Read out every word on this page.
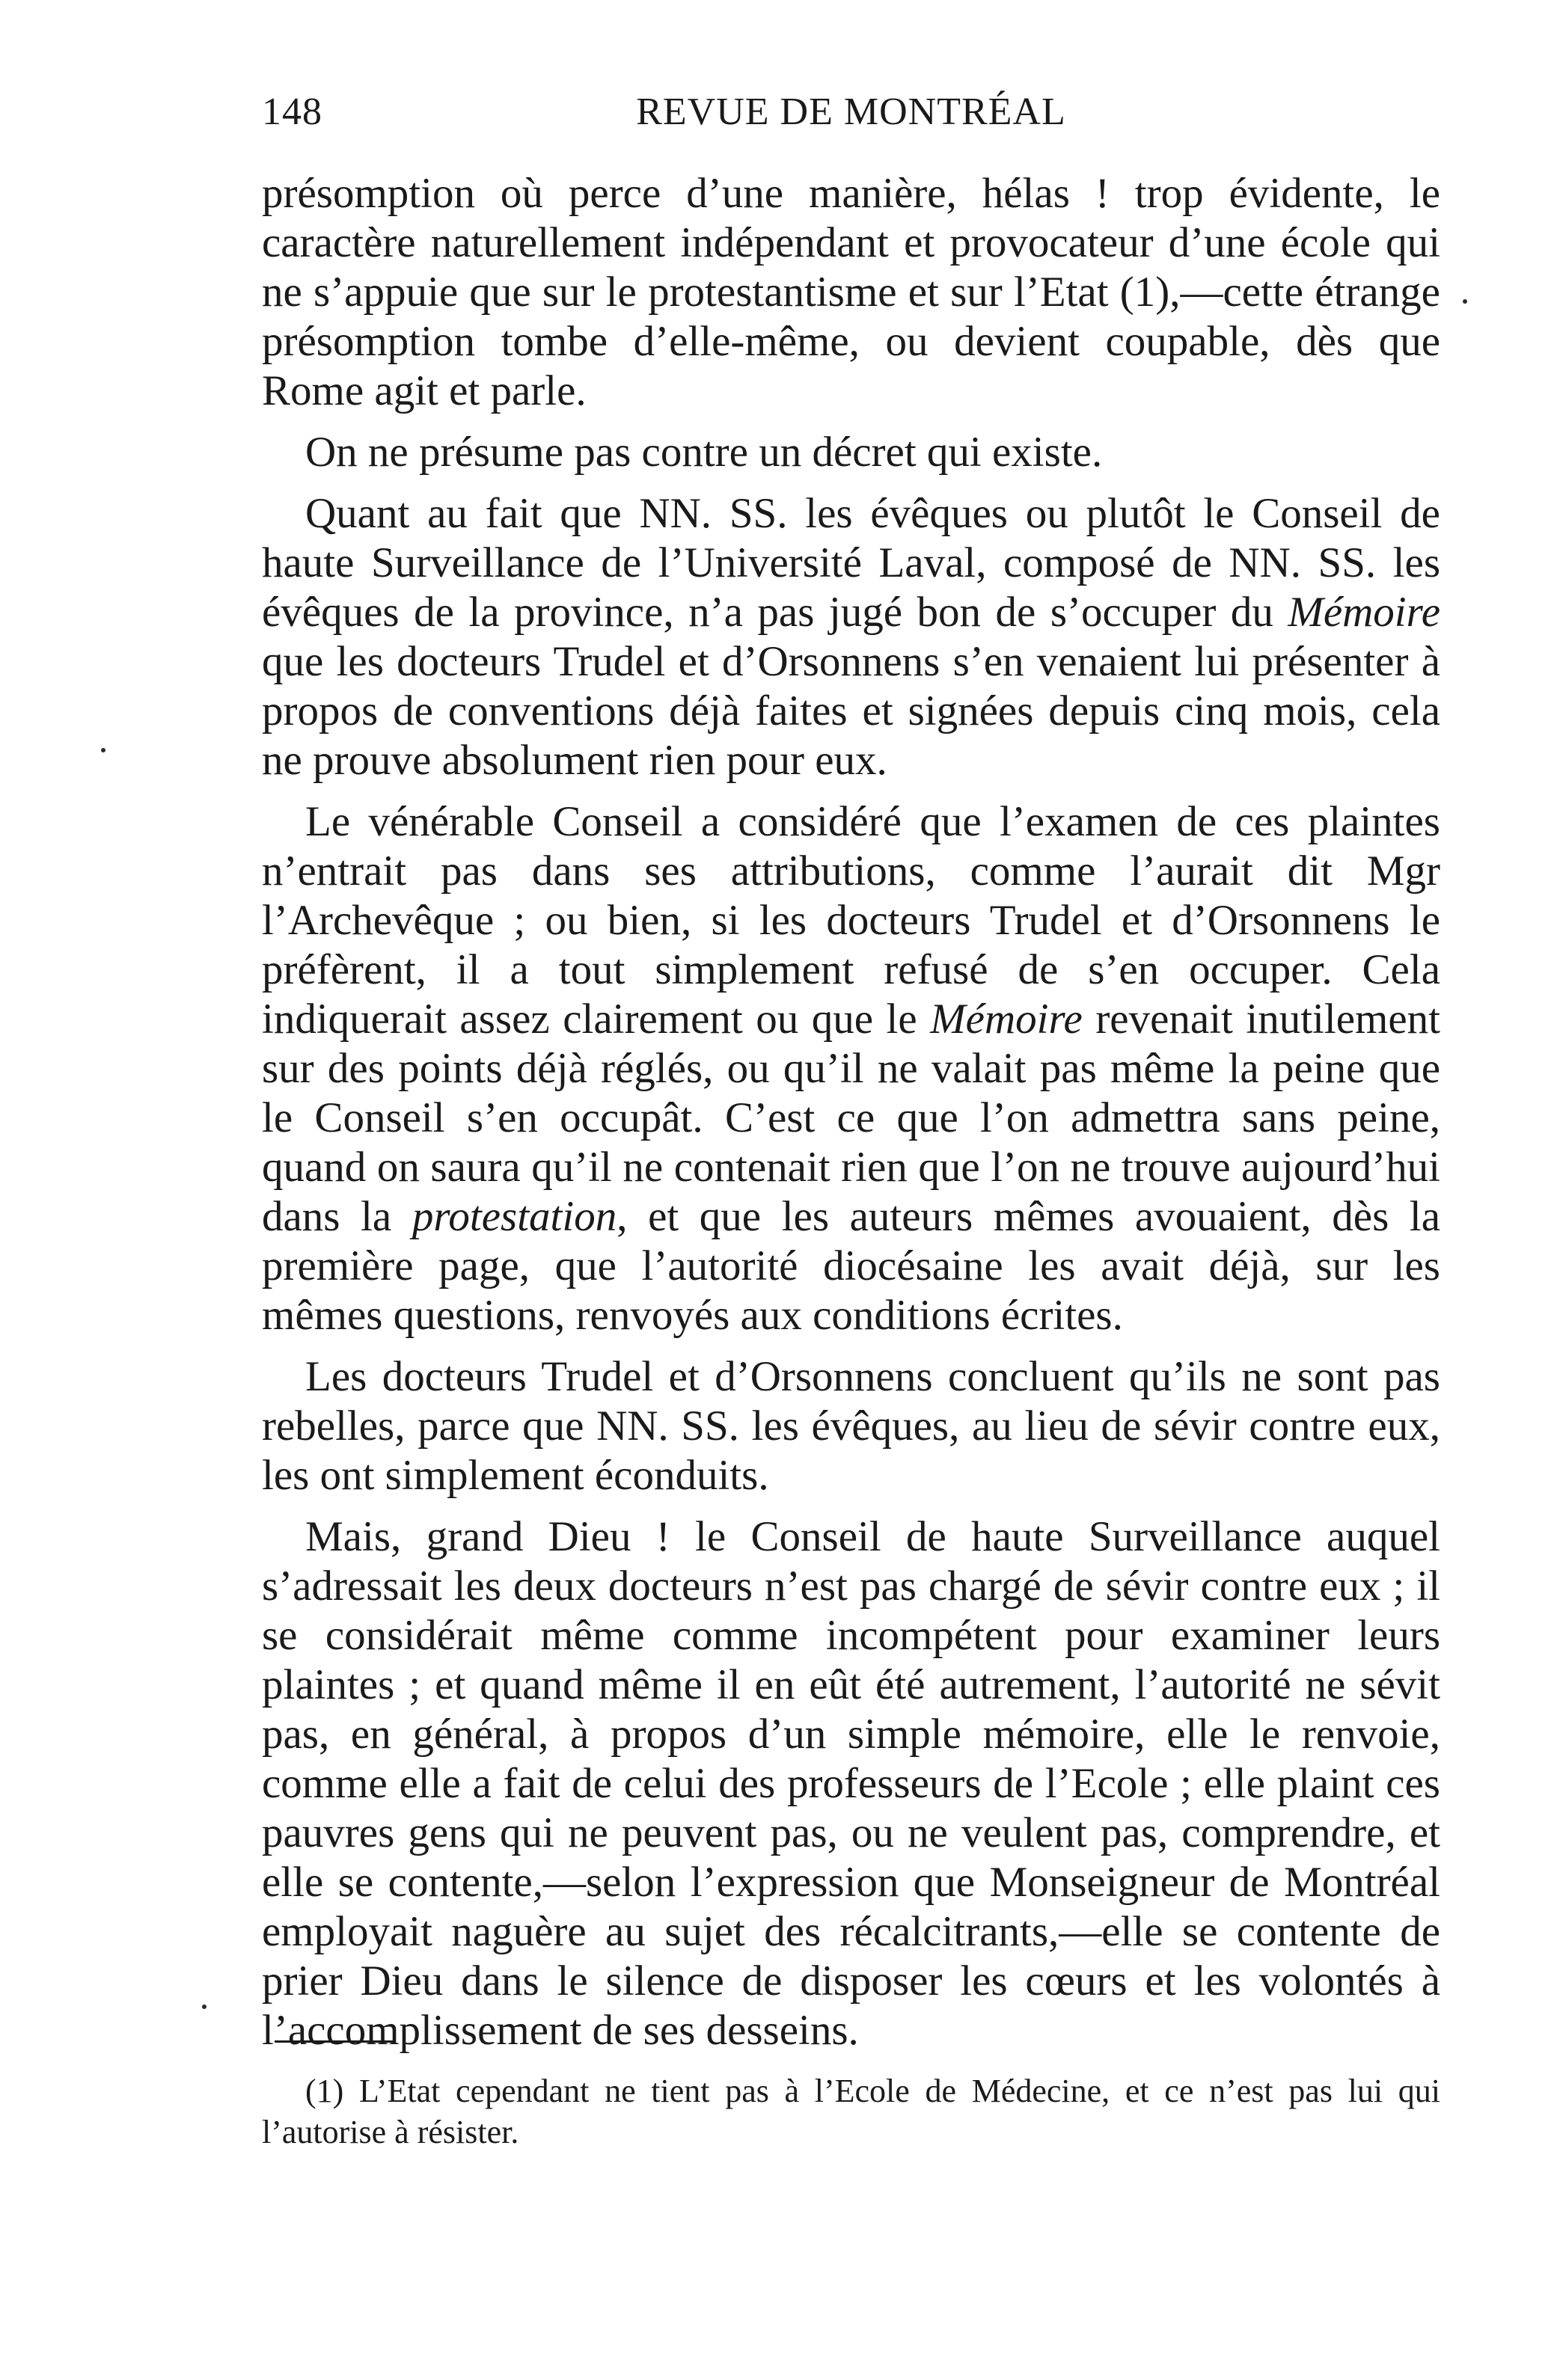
148	REVUE DE MONTRÉAL

présomption où perce d’une manière, hélas ! trop évidente, le caractère naturellement indépendant et provocateur d’une école qui ne s’appuie que sur le protestantisme et sur l’Etat (1),—cette étrange présomption tombe d’elle-même, ou devient coupable, dès que Rome agit et parle.

On ne présume pas contre un décret qui existe.

Quant au fait que NN. SS. les évêques ou plutôt le Conseil de haute Surveillance de l’Université Laval, composé de NN. SS. les évêques de la province, n’a pas jugé bon de s’occuper du Mémoire que les docteurs Trudel et d’Orsonnens s’en venaient lui présenter à propos de conventions déjà faites et signées depuis cinq mois, cela ne prouve absolument rien pour eux.

Le vénérable Conseil a considéré que l’examen de ces plaintes n’entrait pas dans ses attributions, comme l’aurait dit Mgr l’Archevêque ; ou bien, si les docteurs Trudel et d’Orsonnens le préfèrent, il a tout simplement refusé de s’en occuper. Cela indiquerait assez clairement ou que le Mémoire revenait inutilement sur des points déjà réglés, ou qu’il ne valait pas même la peine que le Conseil s’en occupât. C’est ce que l’on admettra sans peine, quand on saura qu’il ne contenait rien que l’on ne trouve aujourd’hui dans la protestation, et que les auteurs mêmes avouaient, dès la première page, que l’autorité diocésaine les avait déjà, sur les mêmes questions, renvoyés aux conditions écrites.

Les docteurs Trudel et d’Orsonnens concluent qu’ils ne sont pas rebelles, parce que NN. SS. les évêques, au lieu de sévir contre eux, les ont simplement éconduits.

Mais, grand Dieu ! le Conseil de haute Surveillance auquel s’adressait les deux docteurs n’est pas chargé de sévir contre eux ; il se considérait même comme incompétent pour examiner leurs plaintes ; et quand même il en eût été autrement, l’autorité ne sévit pas, en général, à propos d’un simple mémoire, elle le renvoie, comme elle a fait de celui des professeurs de l’Ecole ; elle plaint ces pauvres gens qui ne peuvent pas, ou ne veulent pas, comprendre, et elle se contente,—selon l’expression que Monseigneur de Montréal employait naguère au sujet des récalcitrants,—elle se contente de prier Dieu dans le silence de disposer les cœurs et les volontés à l’accomplissement de ses desseins.

(1) L’Etat cependant ne tient pas à l’Ecole de Médecine, et ce n’est pas lui qui l’autorise à résister.
